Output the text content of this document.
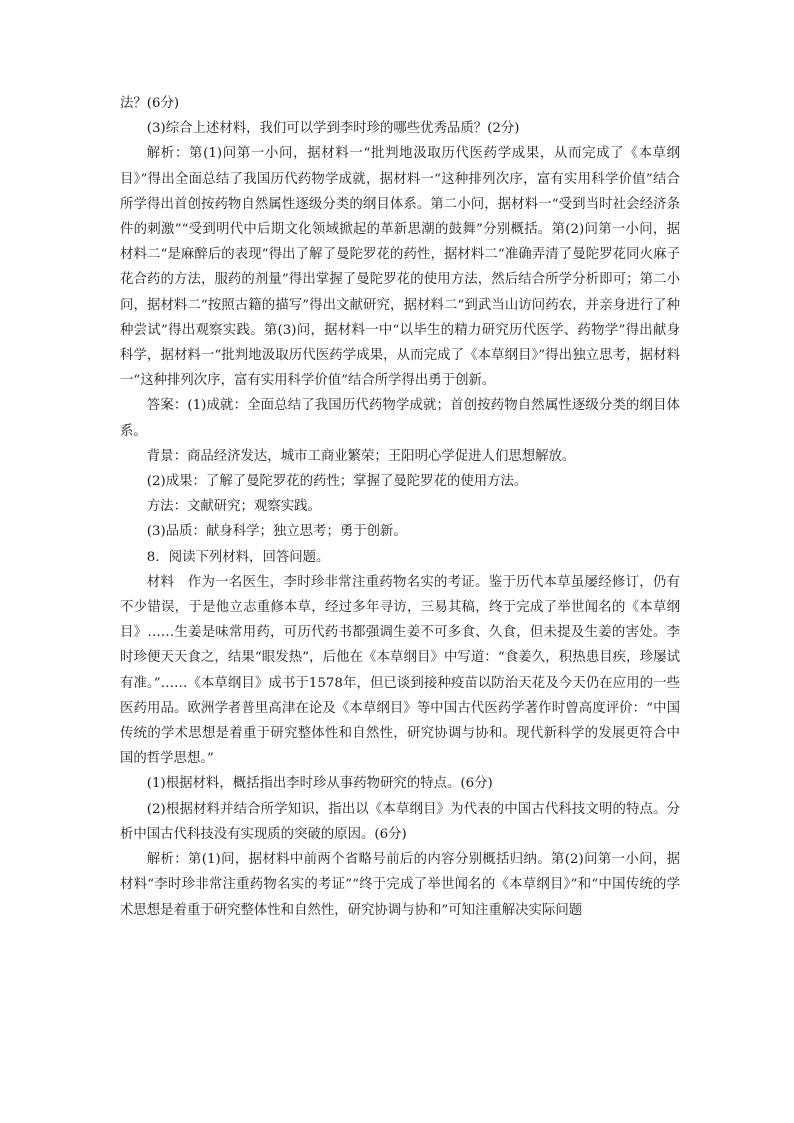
法？(6分)

(3)综合上述材料，我们可以学到李时珍的哪些优秀品质？(2分)

解析：第(1)问第一小问，据材料一“批判地汲取历代医药学成果，从而完成了《本草纲目》”得出全面总结了我国历代药物学成就，据材料一“这种排列次序，富有实用科学价值”结合所学得出首创按药物自然属性逐级分类的纲目体系。第二小问，据材料一“受到当时社会经济条件的刺激”“受到明代中后期文化领域掀起的革新思潮的鼓舞”分别概括。第(2)问第一小问，据材料二“是麻醉后的表现”得出了解了曼陀罗花的药性，据材料二“准确弄清了曼陀罗花同火麻子花合药的方法，服药的剂量”得出掌握了曼陀罗花的使用方法，然后结合所学分析即可；第二小问，据材料二“按照古籍的描写”得出文献研究，据材料二“到武当山访问药农，并亲身进行了种种尝试”得出观察实践。第(3)问，据材料一中“以毕生的精力研究历代医学、药物学”得出献身科学，据材料一“批判地汲取历代医药学成果，从而完成了《本草纲目》”得出独立思考，据材料一“这种排列次序，富有实用科学价值”结合所学得出勇于创新。

答案：(1)成就：全面总结了我国历代药物学成就；首创按药物自然属性逐级分类的纲目体系。

背景：商品经济发达，城市工商业繁荣；王阳明心学促进人们思想解放。

(2)成果：了解了曼陀罗花的药性；掌握了曼陀罗花的使用方法。

方法：文献研究；观察实践。

(3)品质：献身科学；独立思考；勇于创新。

8．阅读下列材料，回答问题。

材料　作为一名医生，李时珍非常注重药物名实的考证。鉴于历代本草虽屡经修订，仍有不少错误，于是他立志重修本草，经过多年寻访，三易其稿，终于完成了举世闻名的《本草纲目》……生姜是味常用药，可历代药书都强调生姜不可多食、久食，但未提及生姜的害处。李时珍便天天食之，结果“眼发热”，后他在《本草纲目》中写道：“食姜久，积热患目疾，珍屡试有准。”……《本草纲目》成书于1578年，但已谈到接种疫苗以防治天花及今天仍在应用的一些医药用品。欧洲学者普里高津在论及《本草纲目》等中国古代医药学著作时曾高度评价：“中国传统的学术思想是着重于研究整体性和自然性，研究协调与协和。现代新科学的发展更符合中国的哲学思想。”

(1)根据材料，概括指出李时珍从事药物研究的特点。(6分)

(2)根据材料并结合所学知识，指出以《本草纲目》为代表的中国古代科技文明的特点。分析中国古代科技没有实现质的突破的原因。(6分)

解析：第(1)问，据材料中前两个省略号前后的内容分别概括归纳。第(2)问第一小问，据材料“李时珍非常注重药物名实的考证”“终于完成了举世闻名的《本草纲目》”和“中国传统的学术思想是着重于研究整体性和自然性，研究协调与协和”可知注重解决实际问题
